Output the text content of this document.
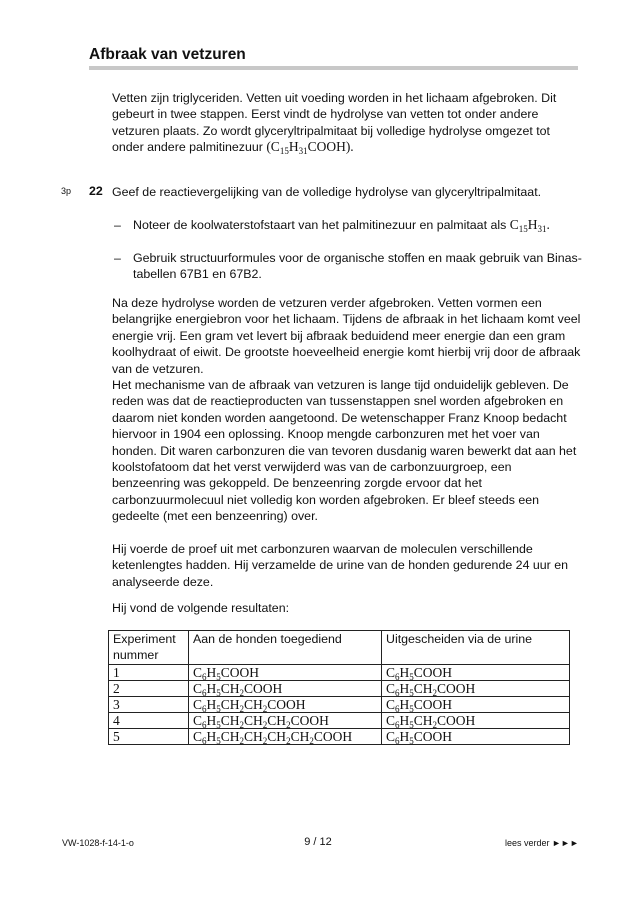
Afbraak van vetzuren

Vetten zijn triglyceriden. Vetten uit voeding worden in het lichaam afgebroken. Dit gebeurt in twee stappen. Eerst vindt de hydrolyse van vetten tot onder andere vetzuren plaats. Zo wordt glyceryltripalmitaat bij volledige hydrolyse omgezet tot onder andere palmitinezuur $(C_{15}H_{31}COOH)$.

3p 22 Geef de reactievergelijking van de volledige hydrolyse van glyceryltripalmitaat.
– Noteer de koolwaterstofstaart van het palmitinezuur en palmitaat als $C_{15}H_{31}$.
– Gebruik structuurformules voor de organische stoffen en maak gebruik van Binas-tabellen 67B1 en 67B2.
Na deze hydrolyse worden de vetzuren verder afgebroken. Vetten vormen een belangrijke energiebron voor het lichaam. Tijdens de afbraak in het lichaam komt veel energie vrij. Een gram vet levert bij afbraak beduidend meer energie dan een gram koolhydraat of eiwit. De grootste hoeveelheid energie komt hierbij vrij door de afbraak van de vetzuren.
Het mechanisme van de afbraak van vetzuren is lange tijd onduidelijk gebleven. De reden was dat de reactieproducten van tussenstappen snel worden afgebroken en daarom niet konden worden aangetoond. De wetenschapper Franz Knoop bedacht hiervoor in 1904 een oplossing. Knoop mengde carbonzuren met het voer van honden. Dit waren carbonzuren die van tevoren dusdanig waren bewerkt dat aan het koolstofatoom dat het verst verwijderd was van de carbonzuurgroep, een benzeenring was gekoppeld. De benzeenring zorgde ervoor dat het carbonzuurmolecuul niet volledig kon worden afgebroken. Er bleef steeds een gedeelte (met een benzeenring) over.
Hij voerde de proef uit met carbonzuren waarvan de moleculen verschillende ketenlengtes hadden. Hij verzamelde de urine van de honden gedurende 24 uur en analyseerde deze.
Hij vond de volgende resultaten:
Experiment nummer	Aan de honden toegediend	Uitgescheiden via de urine
1	$C_6H_5COOH$	$C_6H_5COOH$
2	$C_6H_5CH_2COOH$	$C_6H_5CH_2COOH$
3	$C_6H_5CH_2CH_2COOH$	$C_6H_5COOH$
4	$C_6H_5CH_2CH_2CH_2COOH$	$C_6H_5CH_2COOH$
5	$C_6H_5CH_2CH_2CH_2CH_2COOH$	$C_6H_5COOH$
VW-1028-f-14-1-o	9 / 12	lees verder ►►►
